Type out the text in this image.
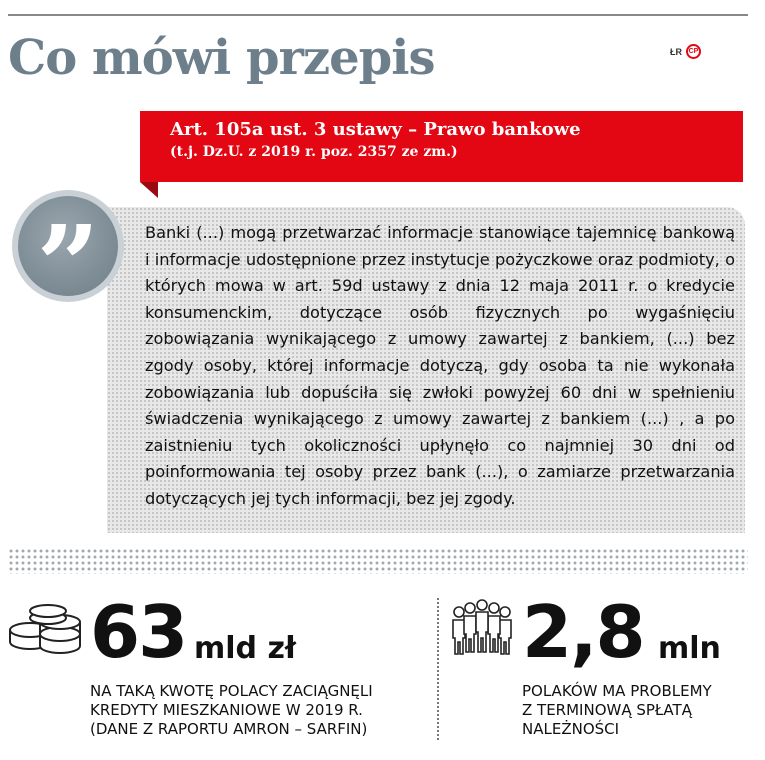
Co mówi przepis	ŁR CP
Art. 105a ust. 3 ustawy – Prawo bankowe
(t.j. Dz.U. z 2019 r. poz. 2357 ze zm.)

Banki (...) mogą przetwarzać informacje stanowiące tajemnicę bankową i informacje udostępnione przez instytucje pożyczkowe oraz podmioty, o których mowa w art. 59d ustawy z dnia 12 maja 2011 r. o kredycie konsumenckim, dotyczące osób fizycznych po wygaśnięciu zobowiązania wynikającego z umowy zawartej z bankiem, (...) bez zgody osoby, której informacje dotyczą, gdy osoba ta nie wykonała zobowiązania lub dopuściła się zwłoki powyżej 60 dni w spełnieniu świadczenia wynikającego z umowy zawartej z bankiem (...) , a po zaistnieniu tych okoliczności upłynęło co najmniej 30 dni od poinformowania tej osoby przez bank (...), o zamiarze przetwarzania dotyczących jej tych informacji, bez jej zgody.

”
63 mld zł
NA TAKĄ KWOTĘ POLACY ZACIĄGNĘLI
KREDYTY MIESZKANIOWE W 2019 R.
(DANE Z RAPORTU AMRON – SARFIN)
2,8 mln
POLAKÓW MA PROBLEMY
Z TERMINOWĄ SPŁATĄ
NALEŻNOŚCI
